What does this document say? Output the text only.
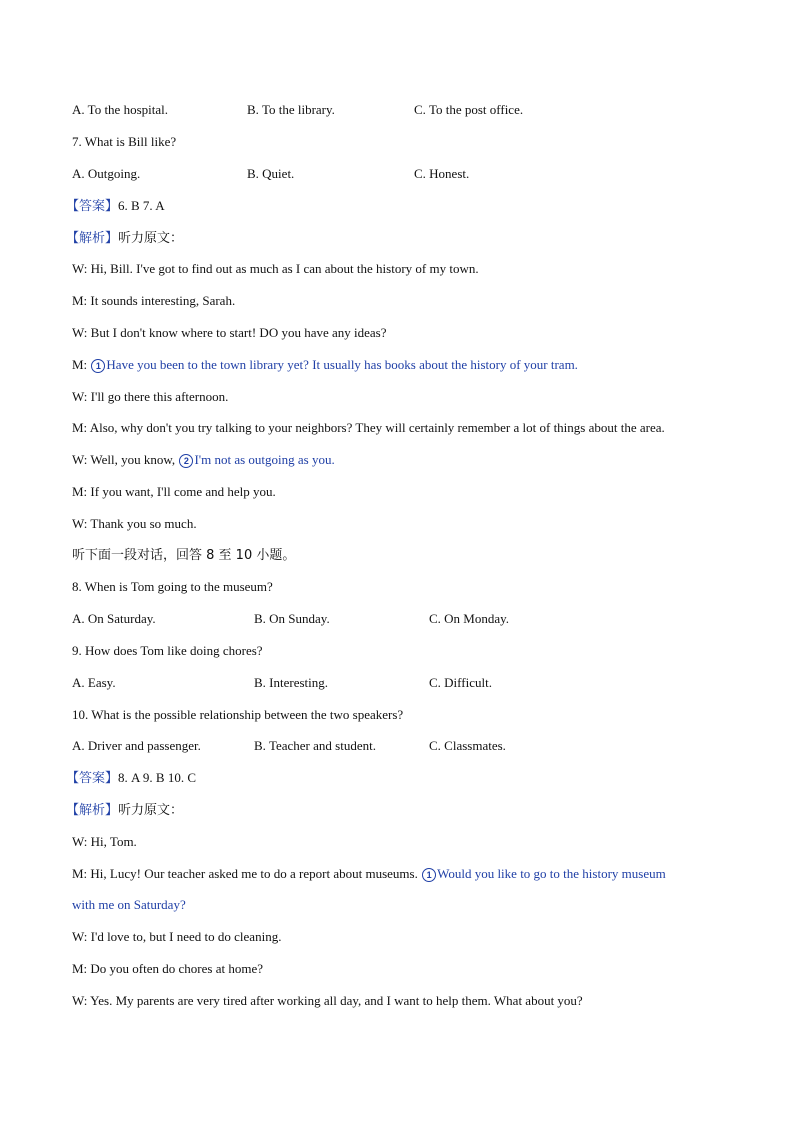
A. To the hospital.	B. To the library.	C. To the post office.
7. What is Bill like?
A. Outgoing.	B. Quiet.	C. Honest.
【答案】6. B 7. A
【解析】听力原文：
W: Hi, Bill. I've got to find out as much as I can about the history of my town.
M: It sounds interesting, Sarah.
W: But I don't know where to start! DO you have any ideas?
M: 1 Have you been to the town library yet? It usually has books about the history of your tram.
W: I'll go there this afternoon.
M: Also, why don't you try talking to your neighbors? They will certainly remember a lot of things about the area.
W: Well, you know, 2 I'm not as outgoing as you.
M: If you want, I'll come and help you.
W: Thank you so much.
听下面一段对话，回答 8 至 10 小题。
8. When is Tom going to the museum?
A. On Saturday.	B. On Sunday.	C. On Monday.
9. How does Tom like doing chores?
A. Easy.	B. Interesting.	C. Difficult.
10. What is the possible relationship between the two speakers?
A. Driver and passenger.	B. Teacher and student.	C. Classmates.
【答案】8. A 9. B 10. C
【解析】听力原文：
W: Hi, Tom.
M: Hi, Lucy! Our teacher asked me to do a report about museums. 1 Would you like to go to the history museum
with me on Saturday?
W: I'd love to, but I need to do cleaning.
M: Do you often do chores at home?
W: Yes. My parents are very tired after working all day, and I want to help them. What about you?
